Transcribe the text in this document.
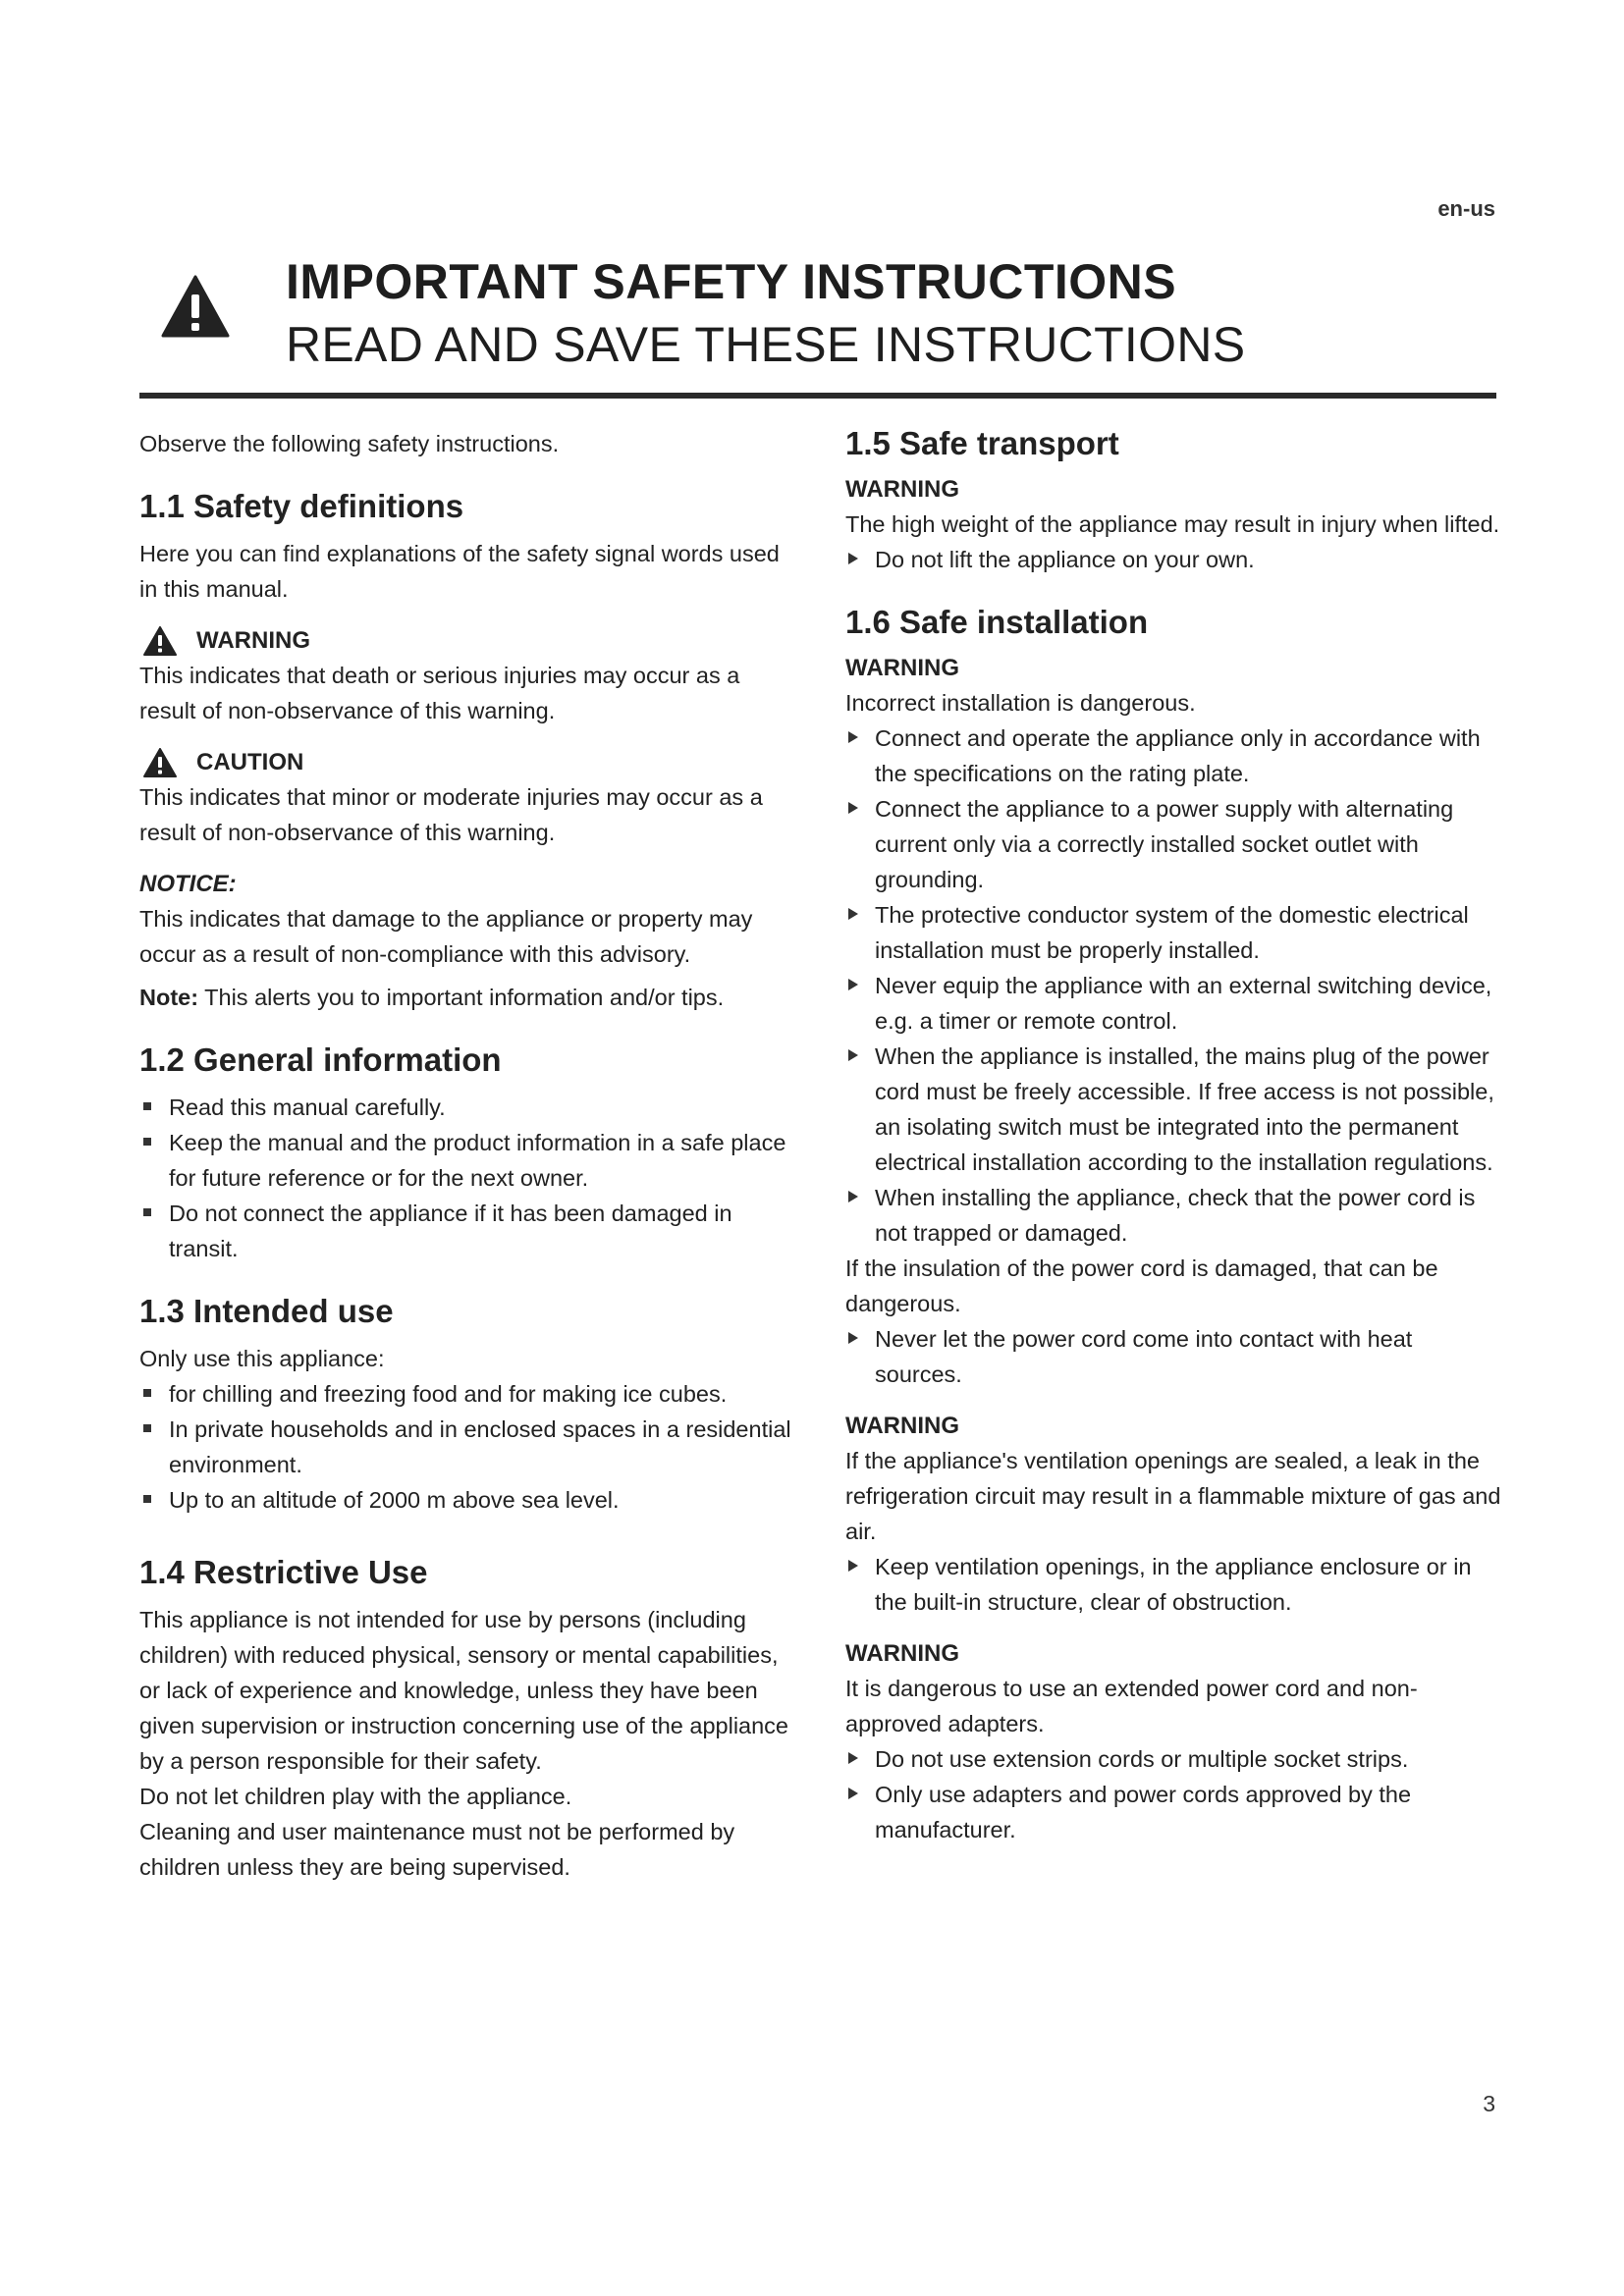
en-us
IMPORTANT SAFETY INSTRUCTIONS
READ AND SAVE THESE INSTRUCTIONS

Observe the following safety instructions.

1.1 Safety definitions

Here you can find explanations of the safety signal words used in this manual.

WARNING

This indicates that death or serious injuries may occur as a result of non-observance of this warning.

CAUTION

This indicates that minor or moderate injuries may occur as a result of non-observance of this warning.

NOTICE:

This indicates that damage to the appliance or property may occur as a result of non-compliance with this advisory.

Note: This alerts you to important information and/or tips.

1.2 General information
Read this manual carefully.
Keep the manual and the product information in a safe place for future reference or for the next owner.
Do not connect the appliance if it has been damaged in transit.
1.3 Intended use

Only use this appliance:

for chilling and freezing food and for making ice cubes.
In private households and in enclosed spaces in a residential environment.
Up to an altitude of 2000 m above sea level.
1.4 Restrictive Use

This appliance is not intended for use by persons (including children) with reduced physical, sensory or mental capabilities, or lack of experience and knowledge, unless they have been given supervision or instruction concerning use of the appliance by a person responsible for their safety.

Do not let children play with the appliance.

Cleaning and user maintenance must not be performed by children unless they are being supervised.

1.5 Safe transport
WARNING

The high weight of the appliance may result in injury when lifted.

Do not lift the appliance on your own.
1.6 Safe installation
WARNING

Incorrect installation is dangerous.

Connect and operate the appliance only in accordance with the specifications on the rating plate.
Connect the appliance to a power supply with alternating current only via a correctly installed socket outlet with grounding.
The protective conductor system of the domestic electrical installation must be properly installed.
Never equip the appliance with an external switching device, e.g. a timer or remote control.
When the appliance is installed, the mains plug of the power cord must be freely accessible. If free access is not possible, an isolating switch must be integrated into the permanent electrical installation according to the installation regulations.
When installing the appliance, check that the power cord is not trapped or damaged.

If the insulation of the power cord is damaged, that can be dangerous.

Never let the power cord come into contact with heat sources.
WARNING

If the appliance's ventilation openings are sealed, a leak in the refrigeration circuit may result in a flammable mixture of gas and air.

Keep ventilation openings, in the appliance enclosure or in the built-in structure, clear of obstruction.
WARNING

It is dangerous to use an extended power cord and non-approved adapters.

Do not use extension cords or multiple socket strips.
Only use adapters and power cords approved by the manufacturer.
3
